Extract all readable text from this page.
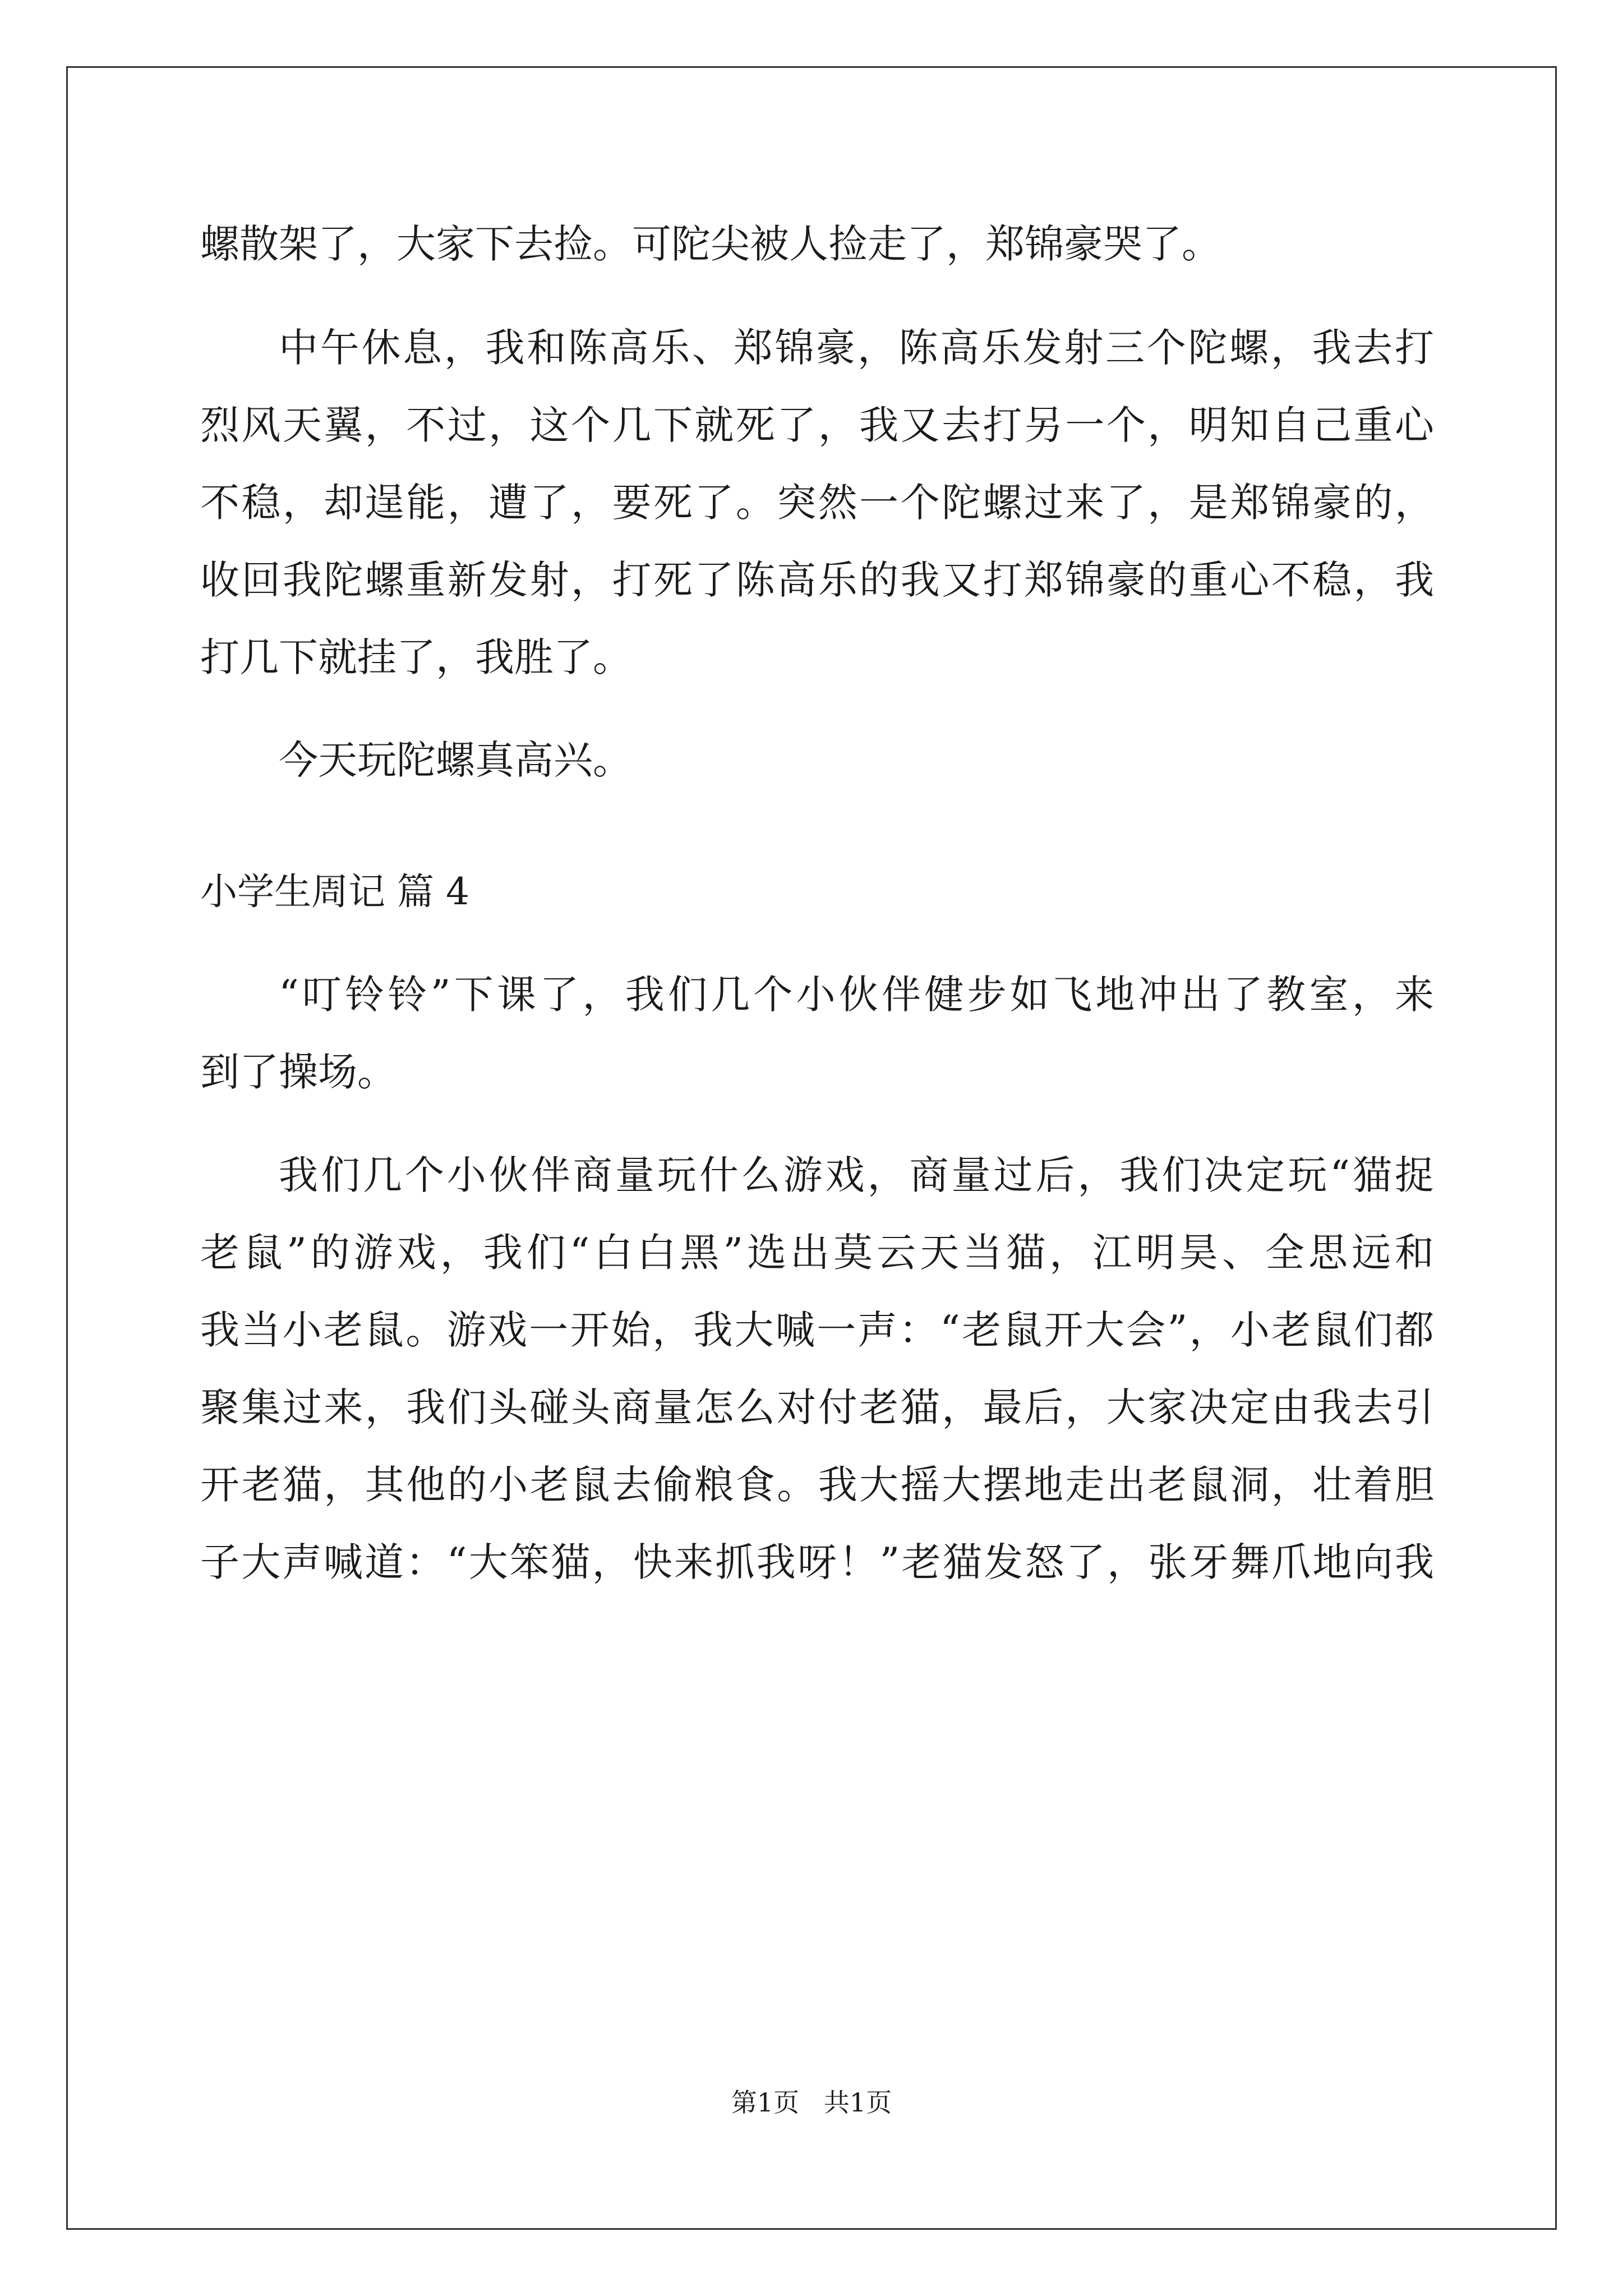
螺散架了，大家下去捡。可陀尖被人捡走了，郑锦豪哭了。
中午休息，我和陈高乐、郑锦豪，陈高乐发射三个陀螺，我去打
烈风天翼，不过，这个几下就死了，我又去打另一个，明知自己重心
不稳，却逞能，遭了，要死了。突然一个陀螺过来了，是郑锦豪的，
收回我陀螺重新发射，打死了陈高乐的我又打郑锦豪的重心不稳，我
打几下就挂了，我胜了。
今天玩陀螺真高兴。
小学生周记 篇 4
“叮铃铃”下课了，我们几个小伙伴健步如飞地冲出了教室，来
到了操场。
我们几个小伙伴商量玩什么游戏，商量过后，我们决定玩“猫捉
老鼠”的游戏，我们“白白黑”选出莫云天当猫，江明昊、全思远和
我当小老鼠。游戏一开始，我大喊一声：“老鼠开大会”，小老鼠们都
聚集过来，我们头碰头商量怎么对付老猫，最后，大家决定由我去引
开老猫，其他的小老鼠去偷粮食。我大摇大摆地走出老鼠洞，壮着胆
子大声喊道：“大笨猫，快来抓我呀！”老猫发怒了，张牙舞爪地向我
第1页   共1页
